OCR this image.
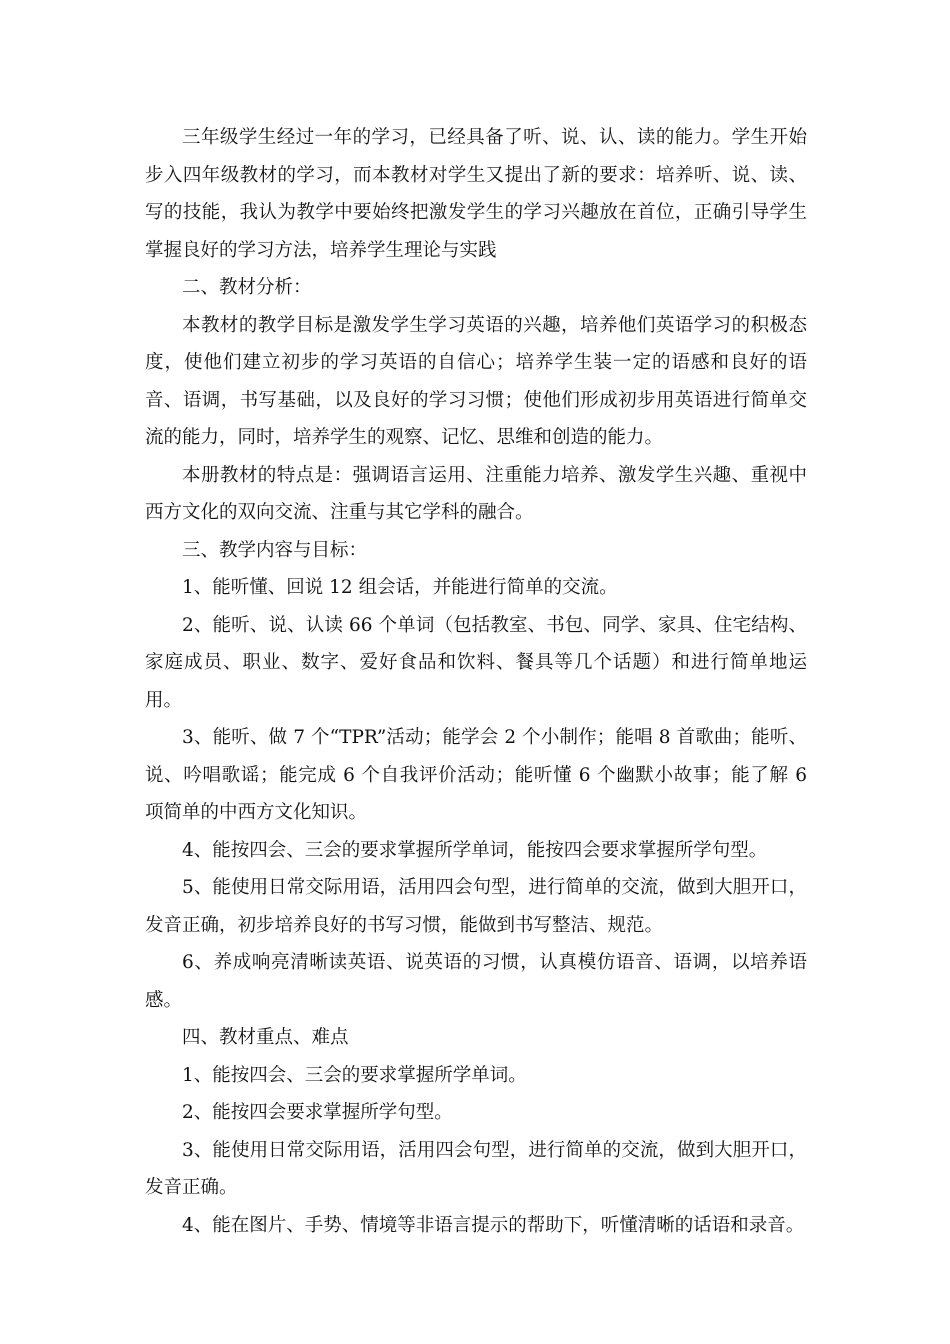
三年级学生经过一年的学习，已经具备了听、说、认、读的能力。学生开始步入四年级教材的学习，而本教材对学生又提出了新的要求：培养听、说、读、写的技能，我认为教学中要始终把激发学生的学习兴趣放在首位，正确引导学生掌握良好的学习方法，培养学生理论与实践

二、教材分析：

本教材的教学目标是激发学生学习英语的兴趣，培养他们英语学习的积极态度，使他们建立初步的学习英语的自信心；培养学生装一定的语感和良好的语音、语调，书写基础，以及良好的学习习惯；使他们形成初步用英语进行简单交流的能力，同时，培养学生的观察、记忆、思维和创造的能力。

本册教材的特点是：强调语言运用、注重能力培养、激发学生兴趣、重视中西方文化的双向交流、注重与其它学科的融合。

三、教学内容与目标：

1、能听懂、回说 12 组会话，并能进行简单的交流。

2、能听、说、认读 66 个单词（包括教室、书包、同学、家具、住宅结构、家庭成员、职业、数字、爱好食品和饮料、餐具等几个话题）和进行简单地运用。

3、能听、做 7 个“TPR”活动；能学会 2 个小制作；能唱 8 首歌曲；能听、说、吟唱歌谣；能完成 6 个自我评价活动；能听懂 6 个幽默小故事；能了解 6 项简单的中西方文化知识。

4、能按四会、三会的要求掌握所学单词，能按四会要求掌握所学句型。

5、能使用日常交际用语，活用四会句型，进行简单的交流，做到大胆开口，发音正确，初步培养良好的书写习惯，能做到书写整洁、规范。

6、养成响亮清晰读英语、说英语的习惯，认真模仿语音、语调，以培养语感。

四、教材重点、难点

1、能按四会、三会的要求掌握所学单词。

2、能按四会要求掌握所学句型。

3、能使用日常交际用语，活用四会句型，进行简单的交流，做到大胆开口，发音正确。

4、能在图片、手势、情境等非语言提示的帮助下，听懂清晰的话语和录音。
